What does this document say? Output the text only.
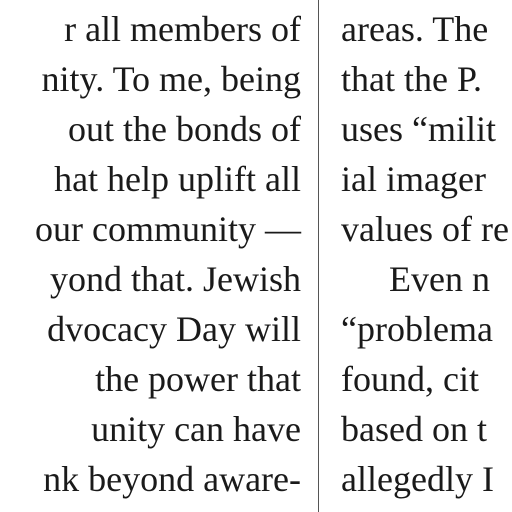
r all members of
nity. To me, being
out the bonds of
hat help uplift all
our community —
yond that. Jewish
dvocacy Day will
the power that
unity can have
nk beyond aware-
areas. The
that the P.
uses “milit
ial imager
values of re
Even n
“problema
found, cit
based on t
allegedly I
